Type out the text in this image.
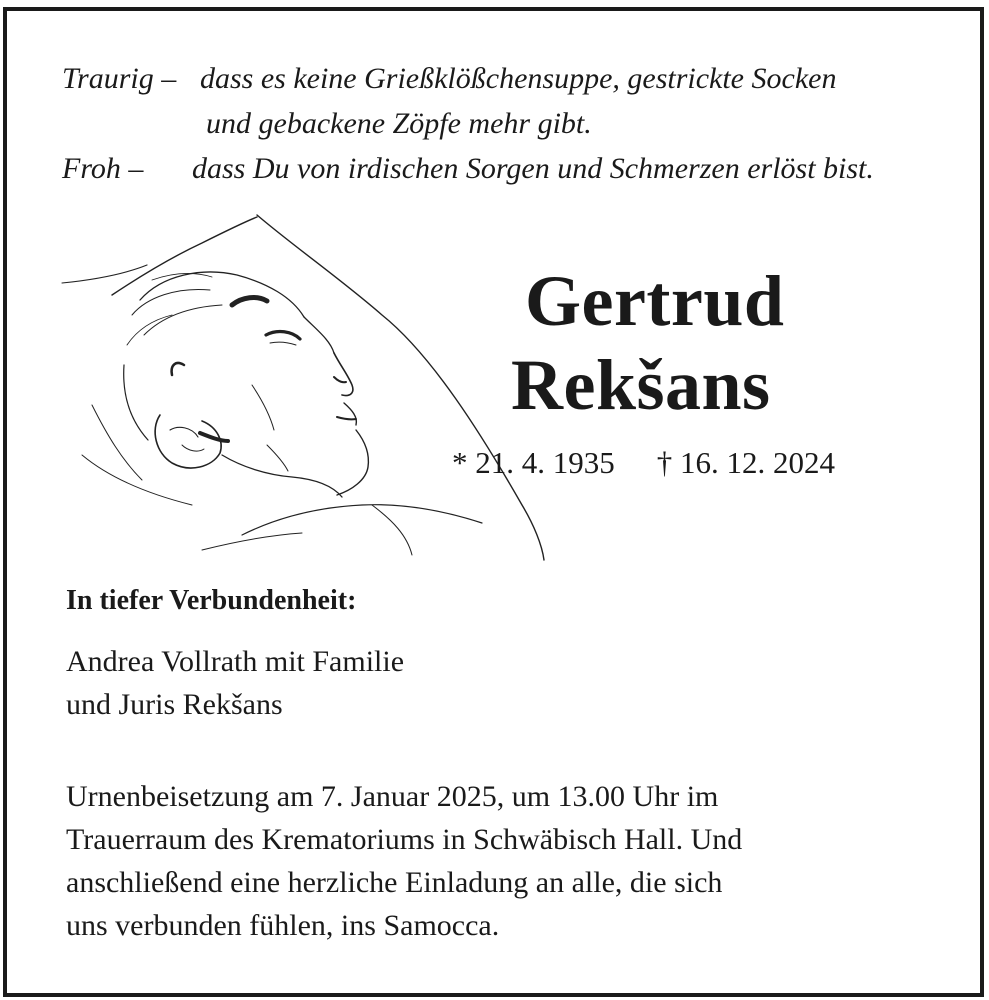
Traurig – dass es keine Grießklößchensuppe, gestrickte Socken
und gebackene Zöpfe mehr gibt.
Froh – dass Du von irdischen Sorgen und Schmerzen erlöst bist.
Gertrud
Rekšans
* 21. 4. 1935 † 16. 12. 2024
In tiefer Verbundenheit:
Andrea Vollrath mit Familie
und Juris Rekšans
Urnenbeisetzung am 7. Januar 2025, um 13.00 Uhr im
Trauerraum des Krematoriums in Schwäbisch Hall. Und
anschließend eine herzliche Einladung an alle, die sich
uns verbunden fühlen, ins Samocca.
